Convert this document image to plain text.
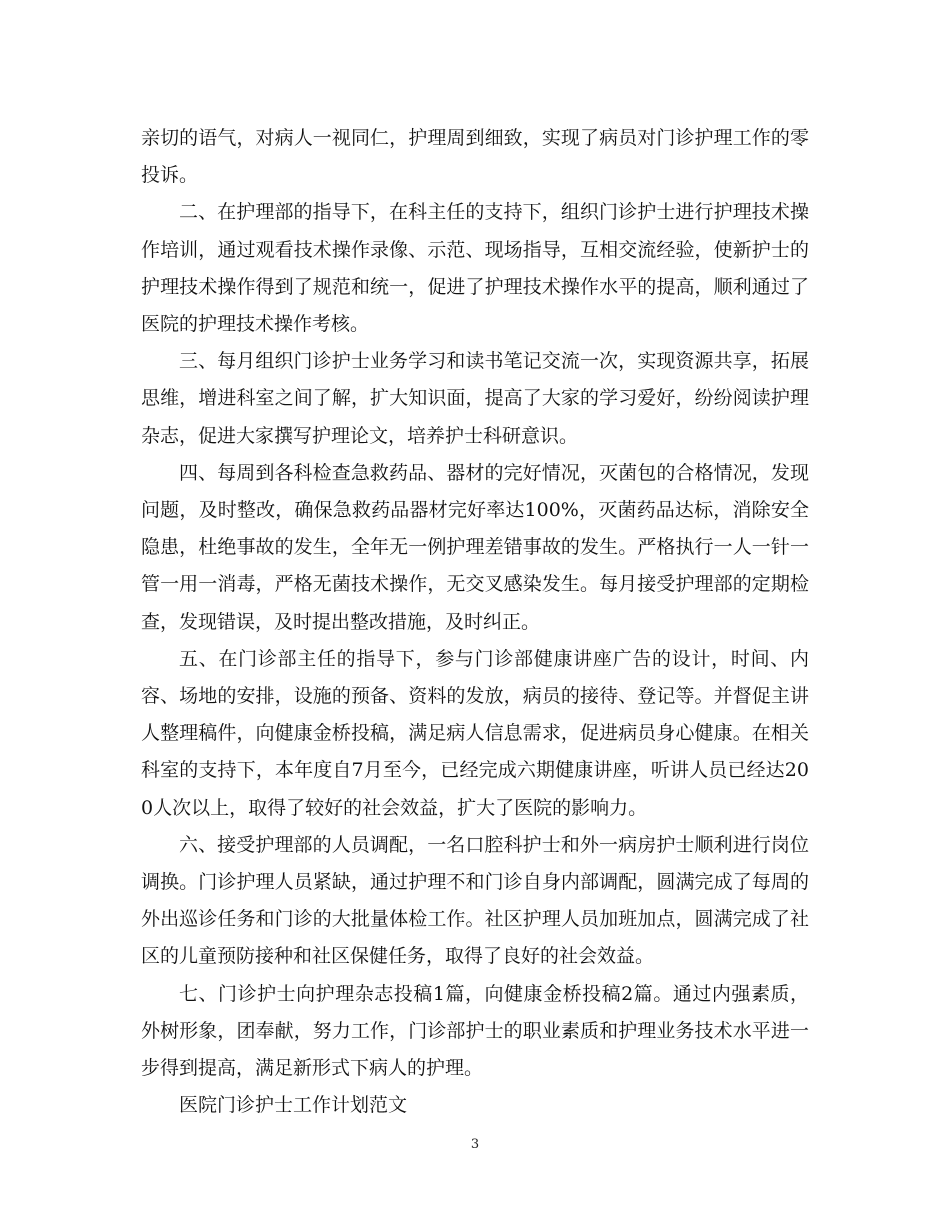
亲切的语气，对病人一视同仁，护理周到细致，实现了病员对门诊护理工作的零投诉。

二、在护理部的指导下，在科主任的支持下，组织门诊护士进行护理技术操作培训，通过观看技术操作录像、示范、现场指导，互相交流经验，使新护士的护理技术操作得到了规范和统一，促进了护理技术操作水平的提高，顺利通过了医院的护理技术操作考核。

三、每月组织门诊护士业务学习和读书笔记交流一次，实现资源共享，拓展思维，增进科室之间了解，扩大知识面，提高了大家的学习爱好，纷纷阅读护理杂志，促进大家撰写护理论文，培养护士科研意识。

四、每周到各科检查急救药品、器材的完好情况，灭菌包的合格情况，发现问题，及时整改，确保急救药品器材完好率达100%，灭菌药品达标，消除安全隐患，杜绝事故的发生，全年无一例护理差错事故的发生。严格执行一人一针一管一用一消毒，严格无菌技术操作，无交叉感染发生。每月接受护理部的定期检查，发现错误，及时提出整改措施，及时纠正。

五、在门诊部主任的指导下，参与门诊部健康讲座广告的设计，时间、内容、场地的安排，设施的预备、资料的发放，病员的接待、登记等。并督促主讲人整理稿件，向健康金桥投稿，满足病人信息需求，促进病员身心健康。在相关科室的支持下，本年度自7月至今，已经完成六期健康讲座，听讲人员已经达200人次以上，取得了较好的社会效益，扩大了医院的影响力。

六、接受护理部的人员调配，一名口腔科护士和外一病房护士顺利进行岗位调换。门诊护理人员紧缺，通过护理不和门诊自身内部调配，圆满完成了每周的外出巡诊任务和门诊的大批量体检工作。社区护理人员加班加点，圆满完成了社区的儿童预防接种和社区保健任务，取得了良好的社会效益。

七、门诊护士向护理杂志投稿1篇，向健康金桥投稿2篇。通过内强素质，外树形象，团奉献，努力工作，门诊部护士的职业素质和护理业务技术水平进一步得到提高，满足新形式下病人的护理。

医院门诊护士工作计划范文

3
